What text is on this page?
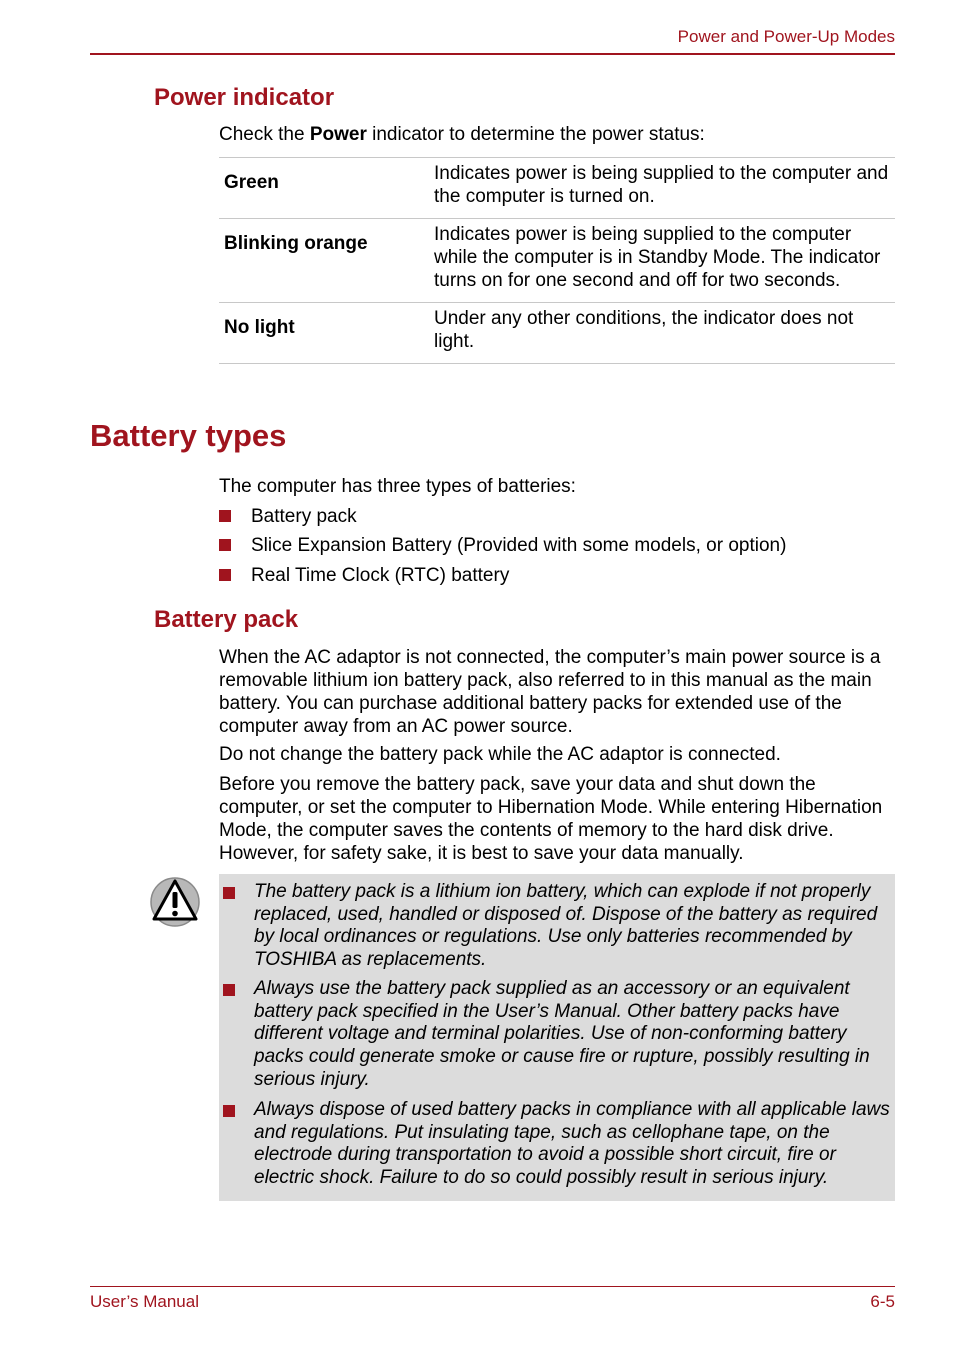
Power and Power-Up Modes
Power indicator
Check the Power indicator to determine the power status:
Green	Indicates power is being supplied to the computer and the computer is turned on.
Blinking orange	Indicates power is being supplied to the computer while the computer is in Standby Mode. The indicator turns on for one second and off for two seconds.
No light	Under any other conditions, the indicator does not light.
Battery types
The computer has three types of batteries:
Battery pack
Slice Expansion Battery (Provided with some models, or option)
Real Time Clock (RTC) battery
Battery pack
When the AC adaptor is not connected, the computer’s main power source is a removable lithium ion battery pack, also referred to in this manual as the main battery. You can purchase additional battery packs for extended use of the computer away from an AC power source.
Do not change the battery pack while the AC adaptor is connected.
Before you remove the battery pack, save your data and shut down the computer, or set the computer to Hibernation Mode. While entering Hibernation Mode, the computer saves the contents of memory to the hard disk drive. However, for safety sake, it is best to save your data manually.
The battery pack is a lithium ion battery, which can explode if not properly replaced, used, handled or disposed of. Dispose of the battery as required by local ordinances or regulations. Use only batteries recommended by TOSHIBA as replacements.
Always use the battery pack supplied as an accessory or an equivalent battery pack specified in the User’s Manual. Other battery packs have different voltage and terminal polarities. Use of non-conforming battery packs could generate smoke or cause fire or rupture, possibly resulting in serious injury.
Always dispose of used battery packs in compliance with all applicable laws and regulations. Put insulating tape, such as cellophane tape, on the electrode during transportation to avoid a possible short circuit, fire or electric shock. Failure to do so could possibly result in serious injury.
User’s Manual	6-5
